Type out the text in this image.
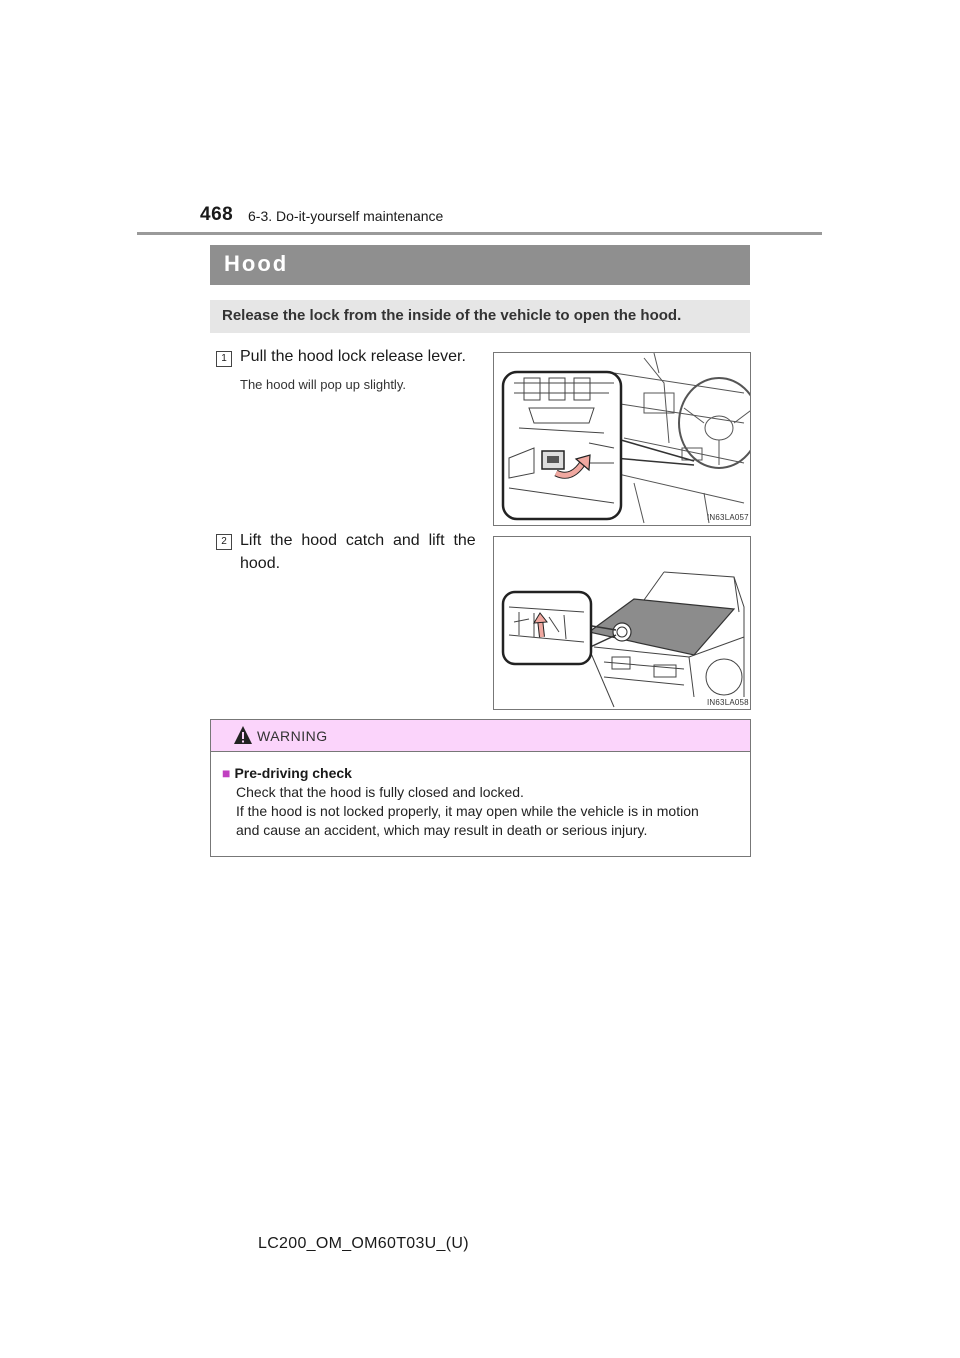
468 6-3. Do-it-yourself maintenance
Hood
Release the lock from the inside of the vehicle to open the hood.
1 Pull the hood lock release lever.
The hood will pop up slightly.
IN63LA057
2 Lift  the  hood  catch  and  lift  the
hood.
IN63LA058
WARNING
■ Pre-driving check
Check that the hood is fully closed and locked.
If the hood is not locked properly, it may open while the vehicle is in motion
and cause an accident, which may result in death or serious injury.
LC200_OM_OM60T03U_(U)
